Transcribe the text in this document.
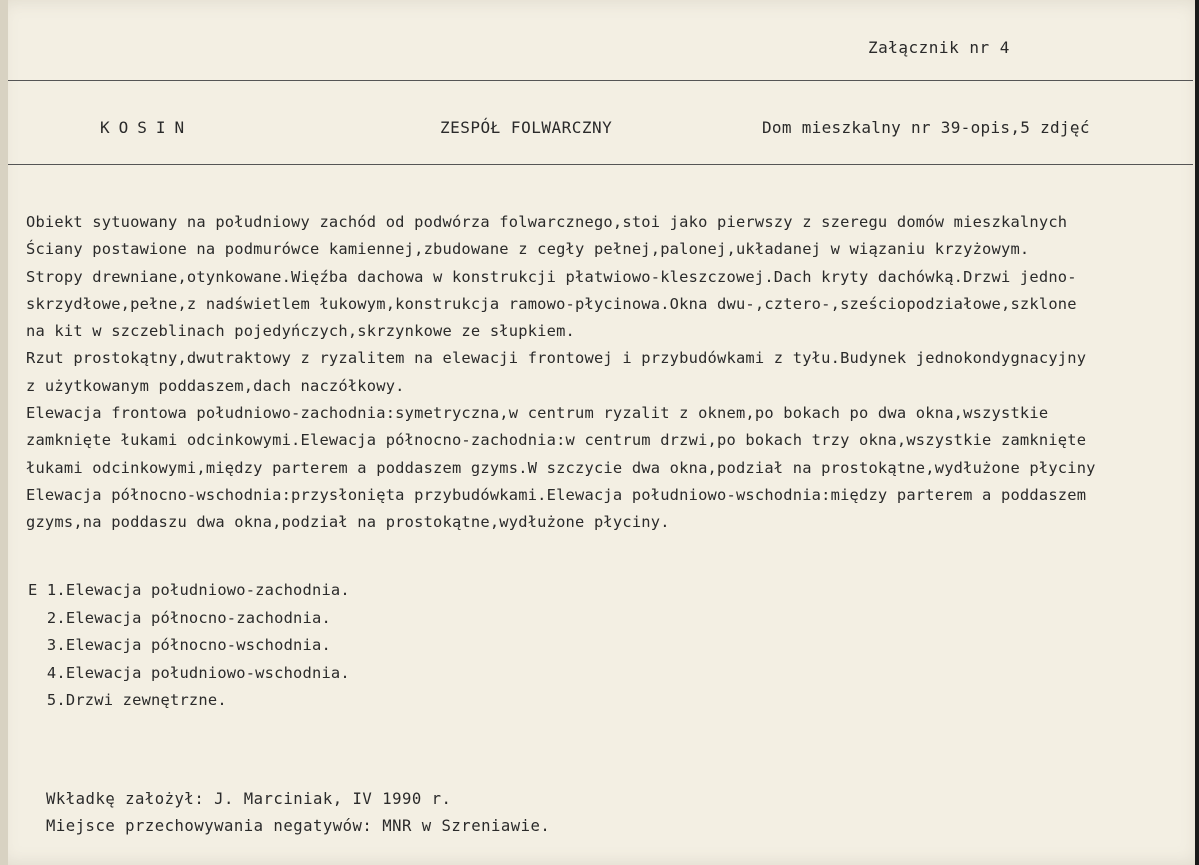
Załącznik nr 4
KOSIN	ZESPÓŁ FOLWARCZNY	Dom mieszkalny nr 39-opis,5 zdjęć
Obiekt sytuowany na południowy zachód od podwórza folwarcznego,stoi jako pierwszy z szeregu domów mieszkalnych
Ściany postawione na podmurówce kamiennej,zbudowane z cegły pełnej,palonej,układanej w wiązaniu krzyżowym.
Stropy drewniane,otynkowane.Więźba dachowa w konstrukcji płatwiowo-kleszczowej.Dach kryty dachówką.Drzwi jedno-
skrzydłowe,pełne,z nadświetlem łukowym,konstrukcja ramowo-płycinowa.Okna dwu-,cztero-,sześciopodziałowe,szklone
na kit w szczeblinach pojedyńczych,skrzynkowe ze słupkiem.
Rzut prostokątny,dwutraktowy z ryzalitem na elewacji frontowej i przybudówkami z tyłu.Budynek jednokondygnacyjny
z użytkowanym poddaszem,dach naczółkowy.
Elewacja frontowa południowo-zachodnia:symetryczna,w centrum ryzalit z oknem,po bokach po dwa okna,wszystkie
zamknięte łukami odcinkowymi.Elewacja północno-zachodnia:w centrum drzwi,po bokach trzy okna,wszystkie zamknięte
łukami odcinkowymi,między parterem a poddaszem gzyms.W szczycie dwa okna,podział na prostokątne,wydłużone płyciny
Elewacja północno-wschodnia:przysłonięta przybudówkami.Elewacja południowo-wschodnia:między parterem a poddaszem
gzyms,na poddaszu dwa okna,podział na prostokątne,wydłużone płyciny.
E 1.Elewacja południowo-zachodnia.
2.Elewacja północno-zachodnia.
3.Elewacja północno-wschodnia.
4.Elewacja południowo-wschodnia.
5.Drzwi zewnętrzne.
Wkładkę założył: J. Marciniak, IV 1990 r.
Miejsce przechowywania negatywów: MNR w Szreniawie.
